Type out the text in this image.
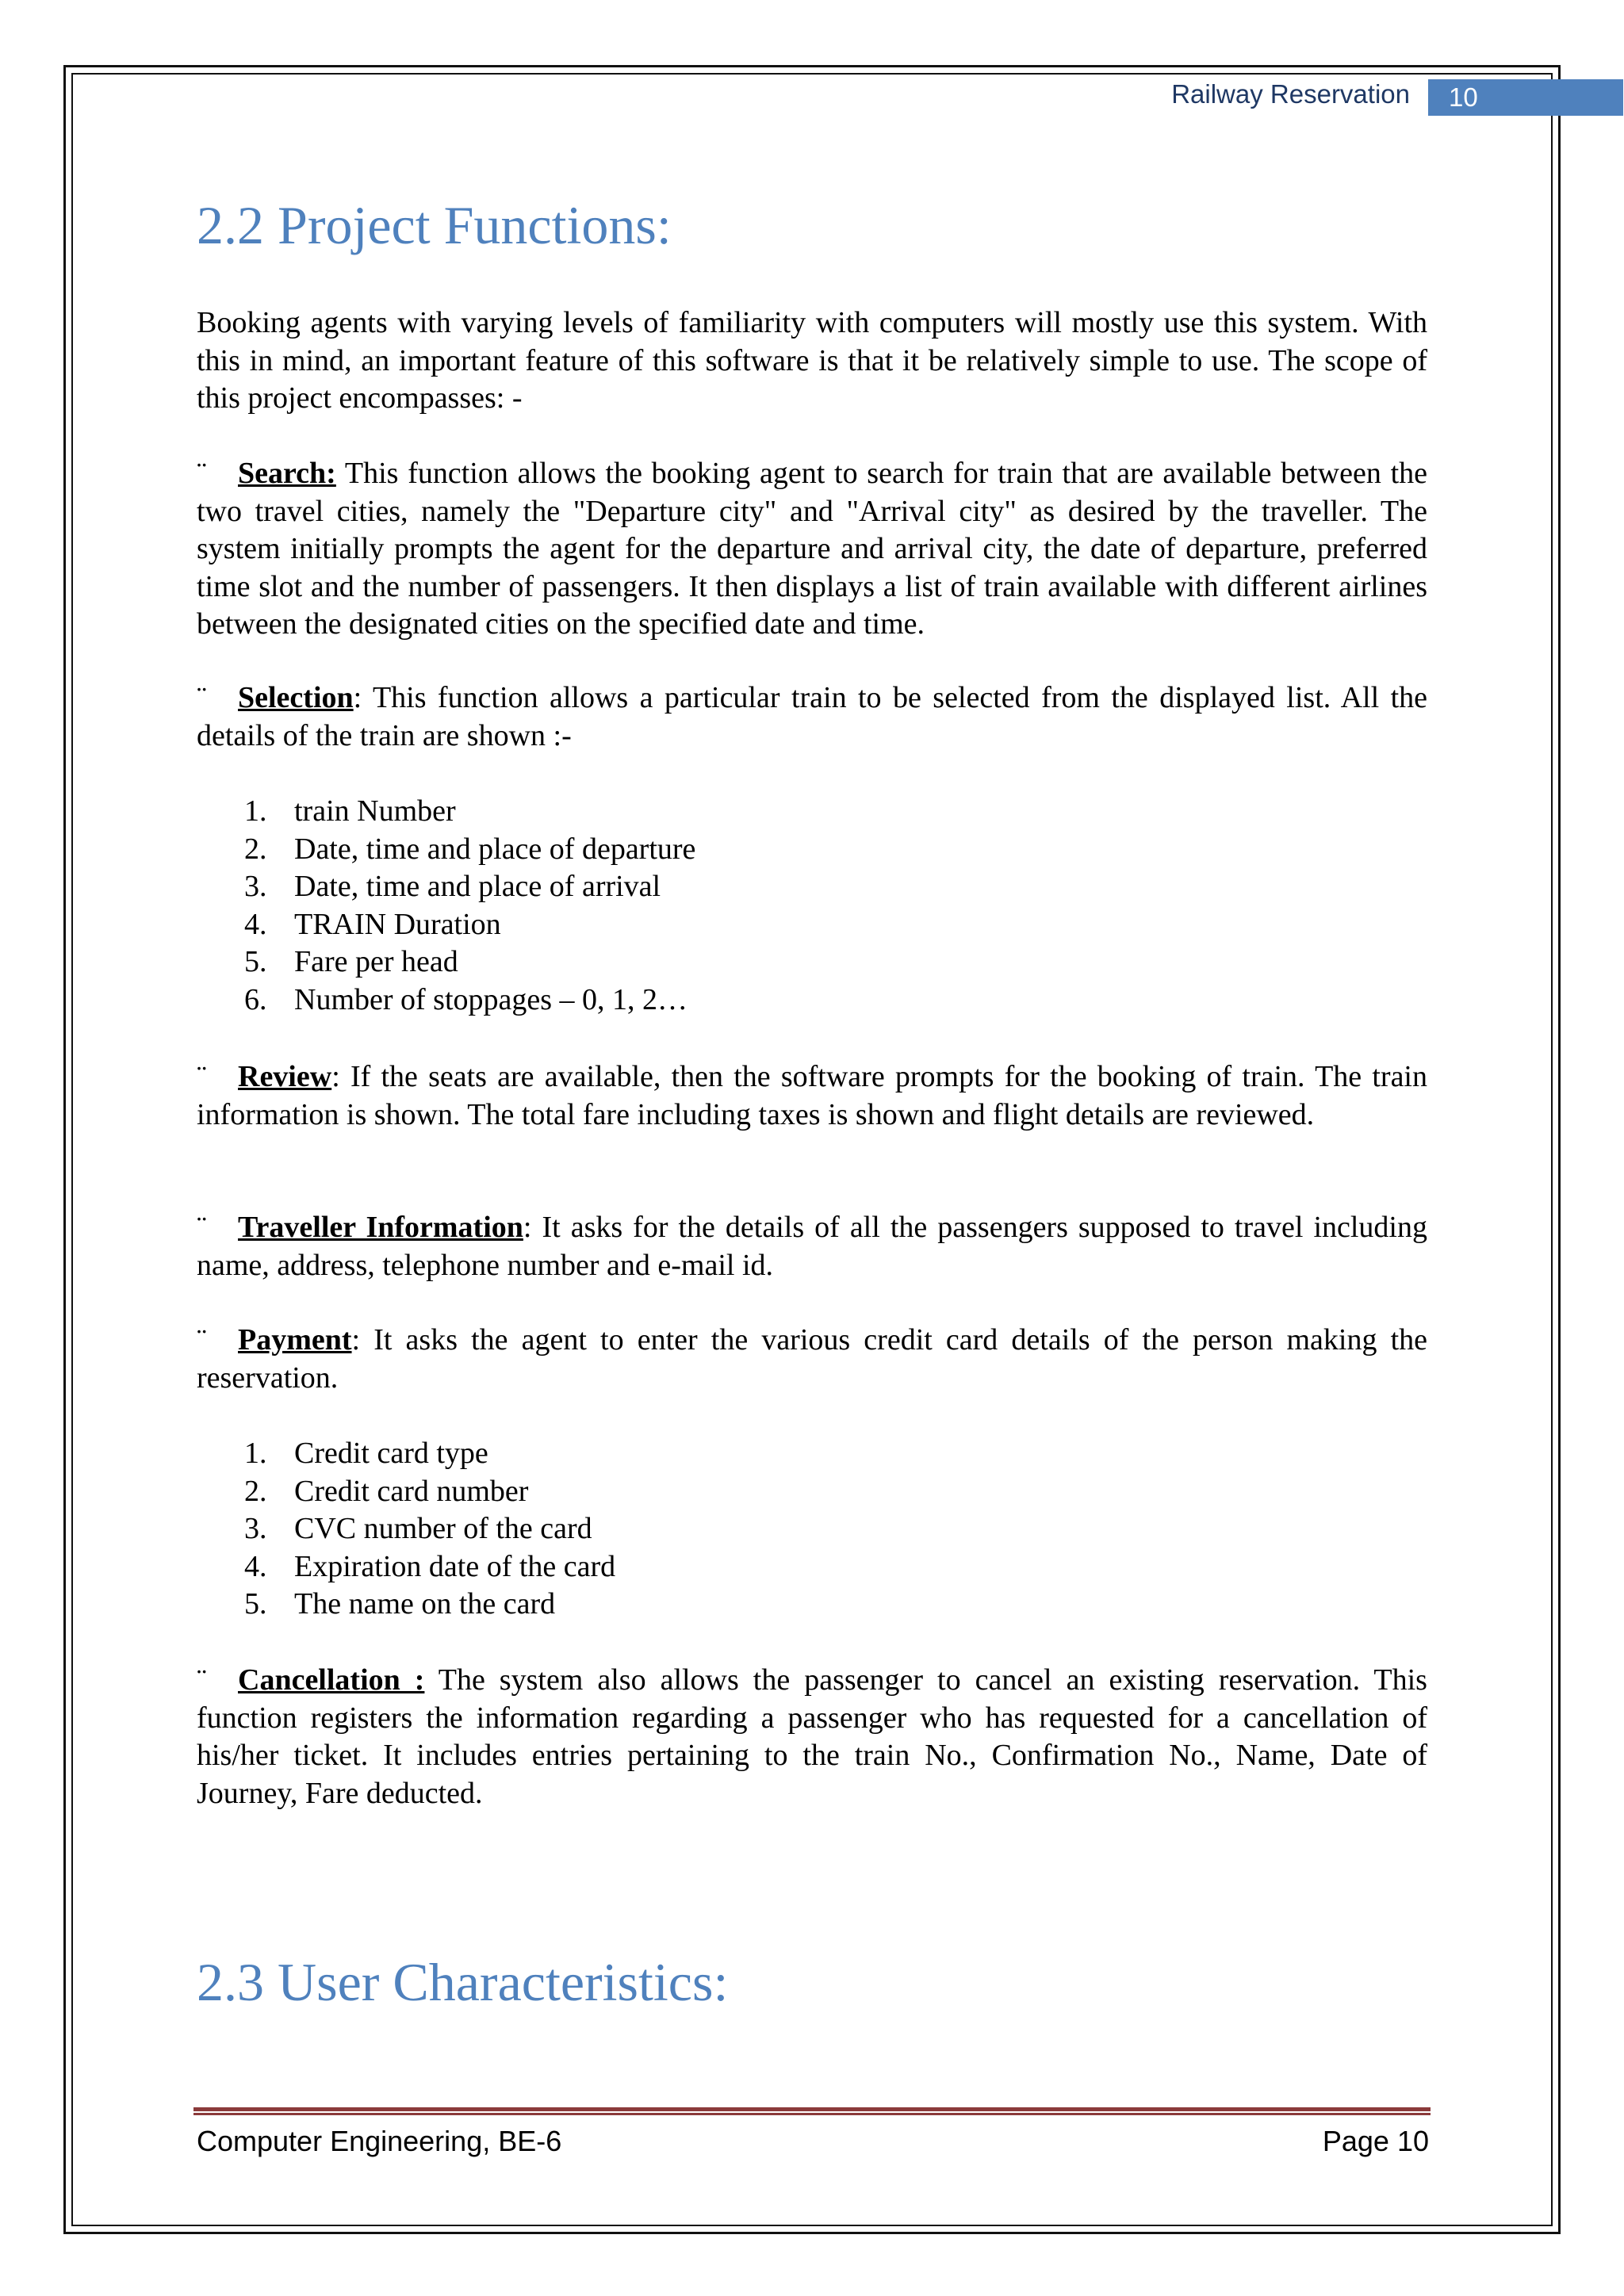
Railway Reservation	10
2.2 Project Functions:

Booking agents with varying levels of familiarity with computers will mostly use this system. With this in mind, an important feature of this software is that it be relatively simple to use. The scope of this project encompasses: -

¨ Search: This function allows the booking agent to search for train that are available between the two travel cities, namely the "Departure city" and "Arrival city" as desired by the traveller. The system initially prompts the agent for the departure and arrival city, the date of departure, preferred time slot and the number of passengers. It then displays a list of train available with different airlines between the designated cities on the specified date and time.

¨ Selection: This function allows a particular train to be selected from the displayed list. All the details of the train are shown :-

1. train Number
2. Date, time and place of departure
3. Date, time and place of arrival
4. TRAIN Duration
5. Fare per head
6. Number of stoppages – 0, 1, 2…

¨ Review: If the seats are available, then the software prompts for the booking of train. The train information is shown. The total fare including taxes is shown and flight details are reviewed.

¨ Traveller Information: It asks for the details of all the passengers supposed to travel including name, address, telephone number and e-mail id.

¨ Payment: It asks the agent to enter the various credit card details of the person making the reservation.

1. Credit card type
2. Credit card number
3. CVC number of the card
4. Expiration date of the card
5. The name on the card

¨ Cancellation : The system also allows the passenger to cancel an existing reservation. This function registers the information regarding a passenger who has requested for a cancellation of his/her ticket. It includes entries pertaining to the train No., Confirmation No., Name, Date of Journey, Fare deducted.

2.3 User Characteristics:
Computer Engineering, BE-6	Page 10
